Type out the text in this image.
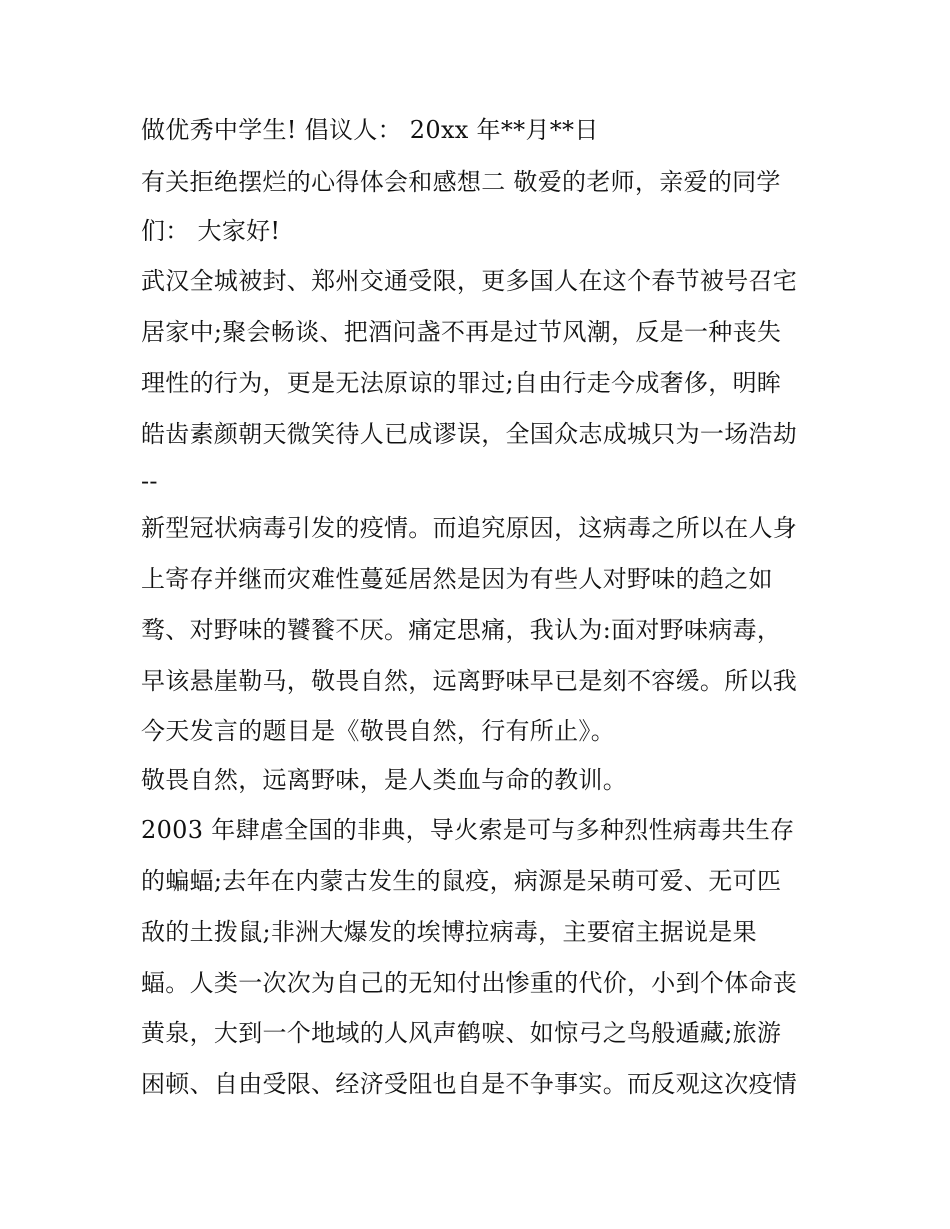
做优秀中学生! 倡议人： 20xx 年**月**日
有关拒绝摆烂的心得体会和感想二 敬爱的老师，亲爱的同学
们： 大家好!
武汉全城被封、郑州交通受限，更多国人在这个春节被号召宅
居家中;聚会畅谈、把酒问盏不再是过节风潮，反是一种丧失
理性的行为，更是无法原谅的罪过;自由行走今成奢侈，明眸
皓齿素颜朝天微笑待人已成谬误，全国众志成城只为一场浩劫
--
新型冠状病毒引发的疫情。而追究原因，这病毒之所以在人身
上寄存并继而灾难性蔓延居然是因为有些人对野味的趋之如
骛、对野味的饕餮不厌。痛定思痛，我认为:面对野味病毒，
早该悬崖勒马，敬畏自然，远离野味早已是刻不容缓。所以我
今天发言的题目是《敬畏自然，行有所止》。
敬畏自然，远离野味，是人类血与命的教训。
2003 年肆虐全国的非典，导火索是可与多种烈性病毒共生存
的蝙蝠;去年在内蒙古发生的鼠疫，病源是呆萌可爱、无可匹
敌的土拨鼠;非洲大爆发的埃博拉病毒，主要宿主据说是果
蝠。人类一次次为自己的无知付出惨重的代价，小到个体命丧
黄泉，大到一个地域的人风声鹤唳、如惊弓之鸟般遁藏;旅游
困顿、自由受限、经济受阻也自是不争事实。而反观这次疫情
